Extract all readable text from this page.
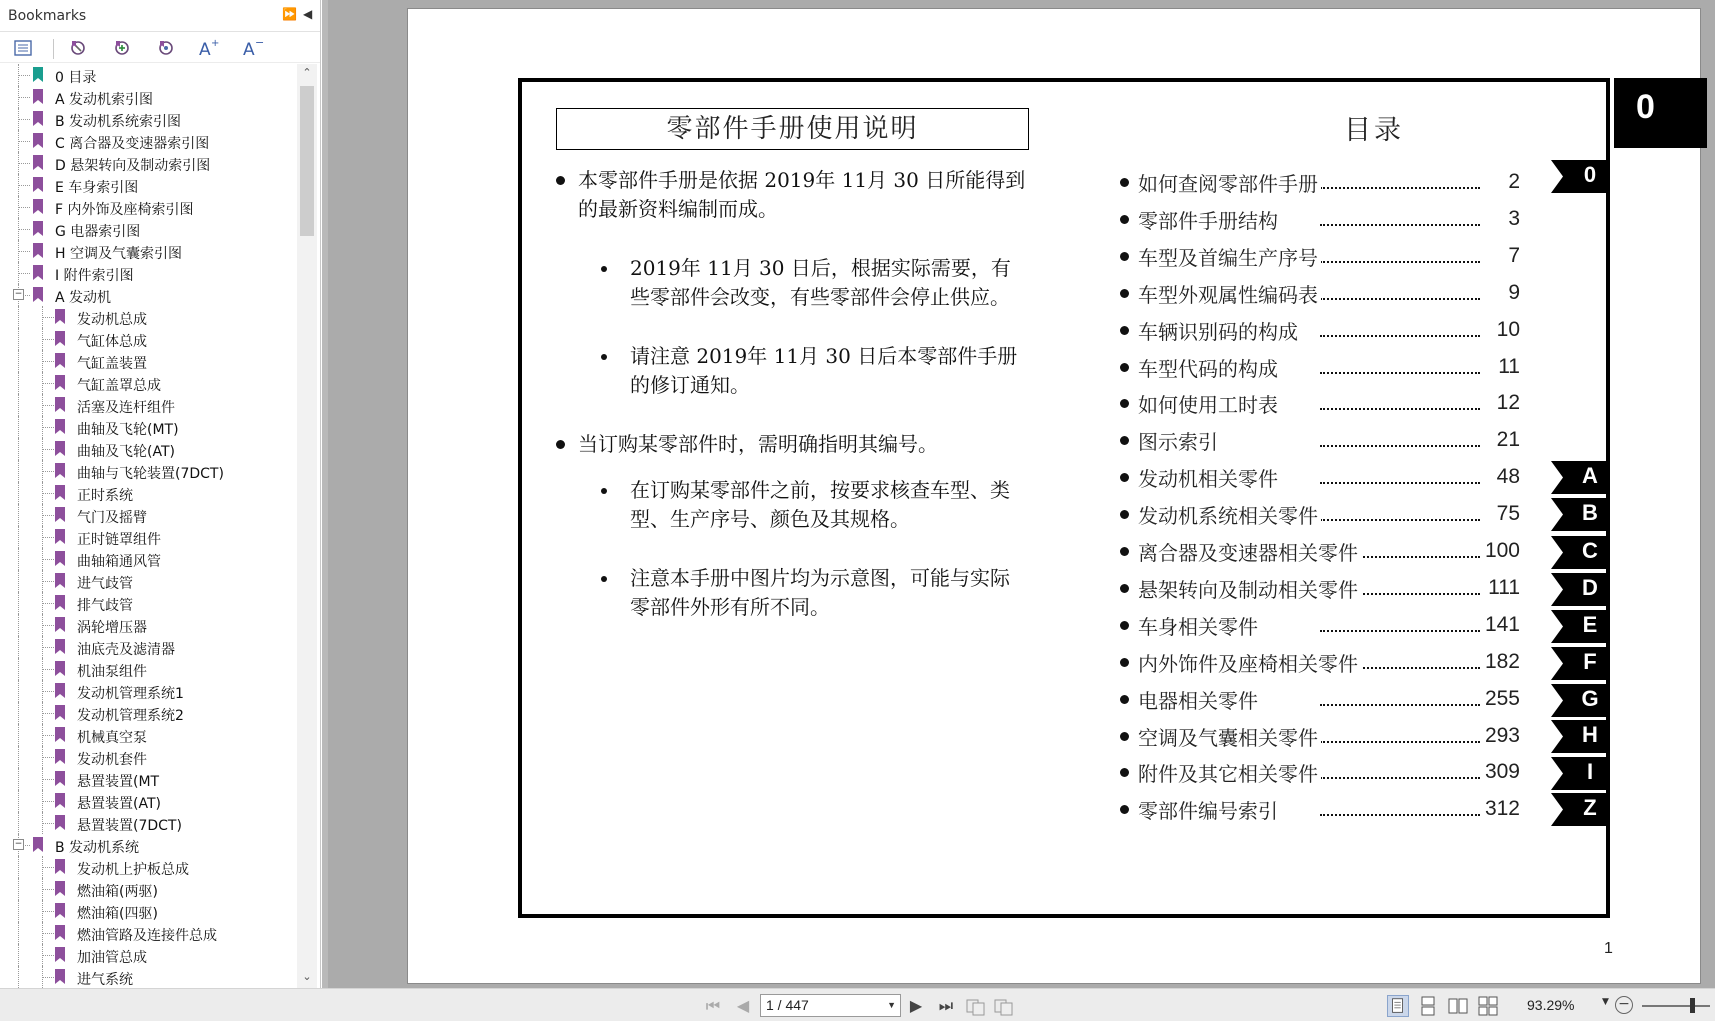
Bookmarks	⏩ ◀
A + A −
0 目录
A 发动机索引图
B 发动机系统索引图
C 离合器及变速器索引图
D 悬架转向及制动索引图
E 车身索引图
F 内外饰及座椅索引图
G 电器索引图
H 空调及气囊索引图
I 附件索引图
− A 发动机
发动机总成
气缸体总成
气缸盖装置
气缸盖罩总成
活塞及连杆组件
曲轴及飞轮(MT)
曲轴及飞轮(AT)
曲轴与飞轮装置(7DCT)
正时系统
气门及摇臂
正时链罩组件
曲轴箱通风管
进气歧管
排气歧管
涡轮增压器
油底壳及滤清器
机油泵组件
发动机管理系统1
发动机管理系统2
机械真空泵
发动机套件
悬置装置(MT
悬置装置(AT)
悬置装置(7DCT)
− B 发动机系统
发动机上护板总成
燃油箱(两驱)
燃油箱(四驱)
燃油管路及连接件总成
加油管总成
进气系统
⌃
⌄
零部件手册使用说明
本零部件手册是依据 2019年 11月 30 日所能得到
的最新资料编制而成。
2019年 11月 30 日后，根据实际需要，有
些零部件会改变，有些零部件会停止供应。
请注意 2019年 11月 30 日后本零部件手册
的修订通知。
当订购某零部件时，需明确指明其编号。
在订购某零部件之前，按要求核查车型、类
型、生产序号、颜色及其规格。
注意本手册中图片均为示意图，可能与实际
零部件外形有所不同。
目录
如何查阅零部件手册	2
零部件手册结构	3
车型及首编生产序号	7
车型外观属性编码表	9
车辆识别码的构成	10
车型代码的构成	11
如何使用工时表	12
图示索引	21
发动机相关零件	48
发动机系统相关零件	75
离合器及变速器相关零件	100
悬架转向及制动相关零件	111
车身相关零件	141
内外饰件及座椅相关零件	182
电器相关零件	255
空调及气囊相关零件	293
附件及其它相关零件	309
零部件编号索引	312
0
A
B
C
D
E
F
G
H
I
Z
0
1
⏮ ◀	1 / 447	▼ ▶ ⏭	93.29%	▼ −
